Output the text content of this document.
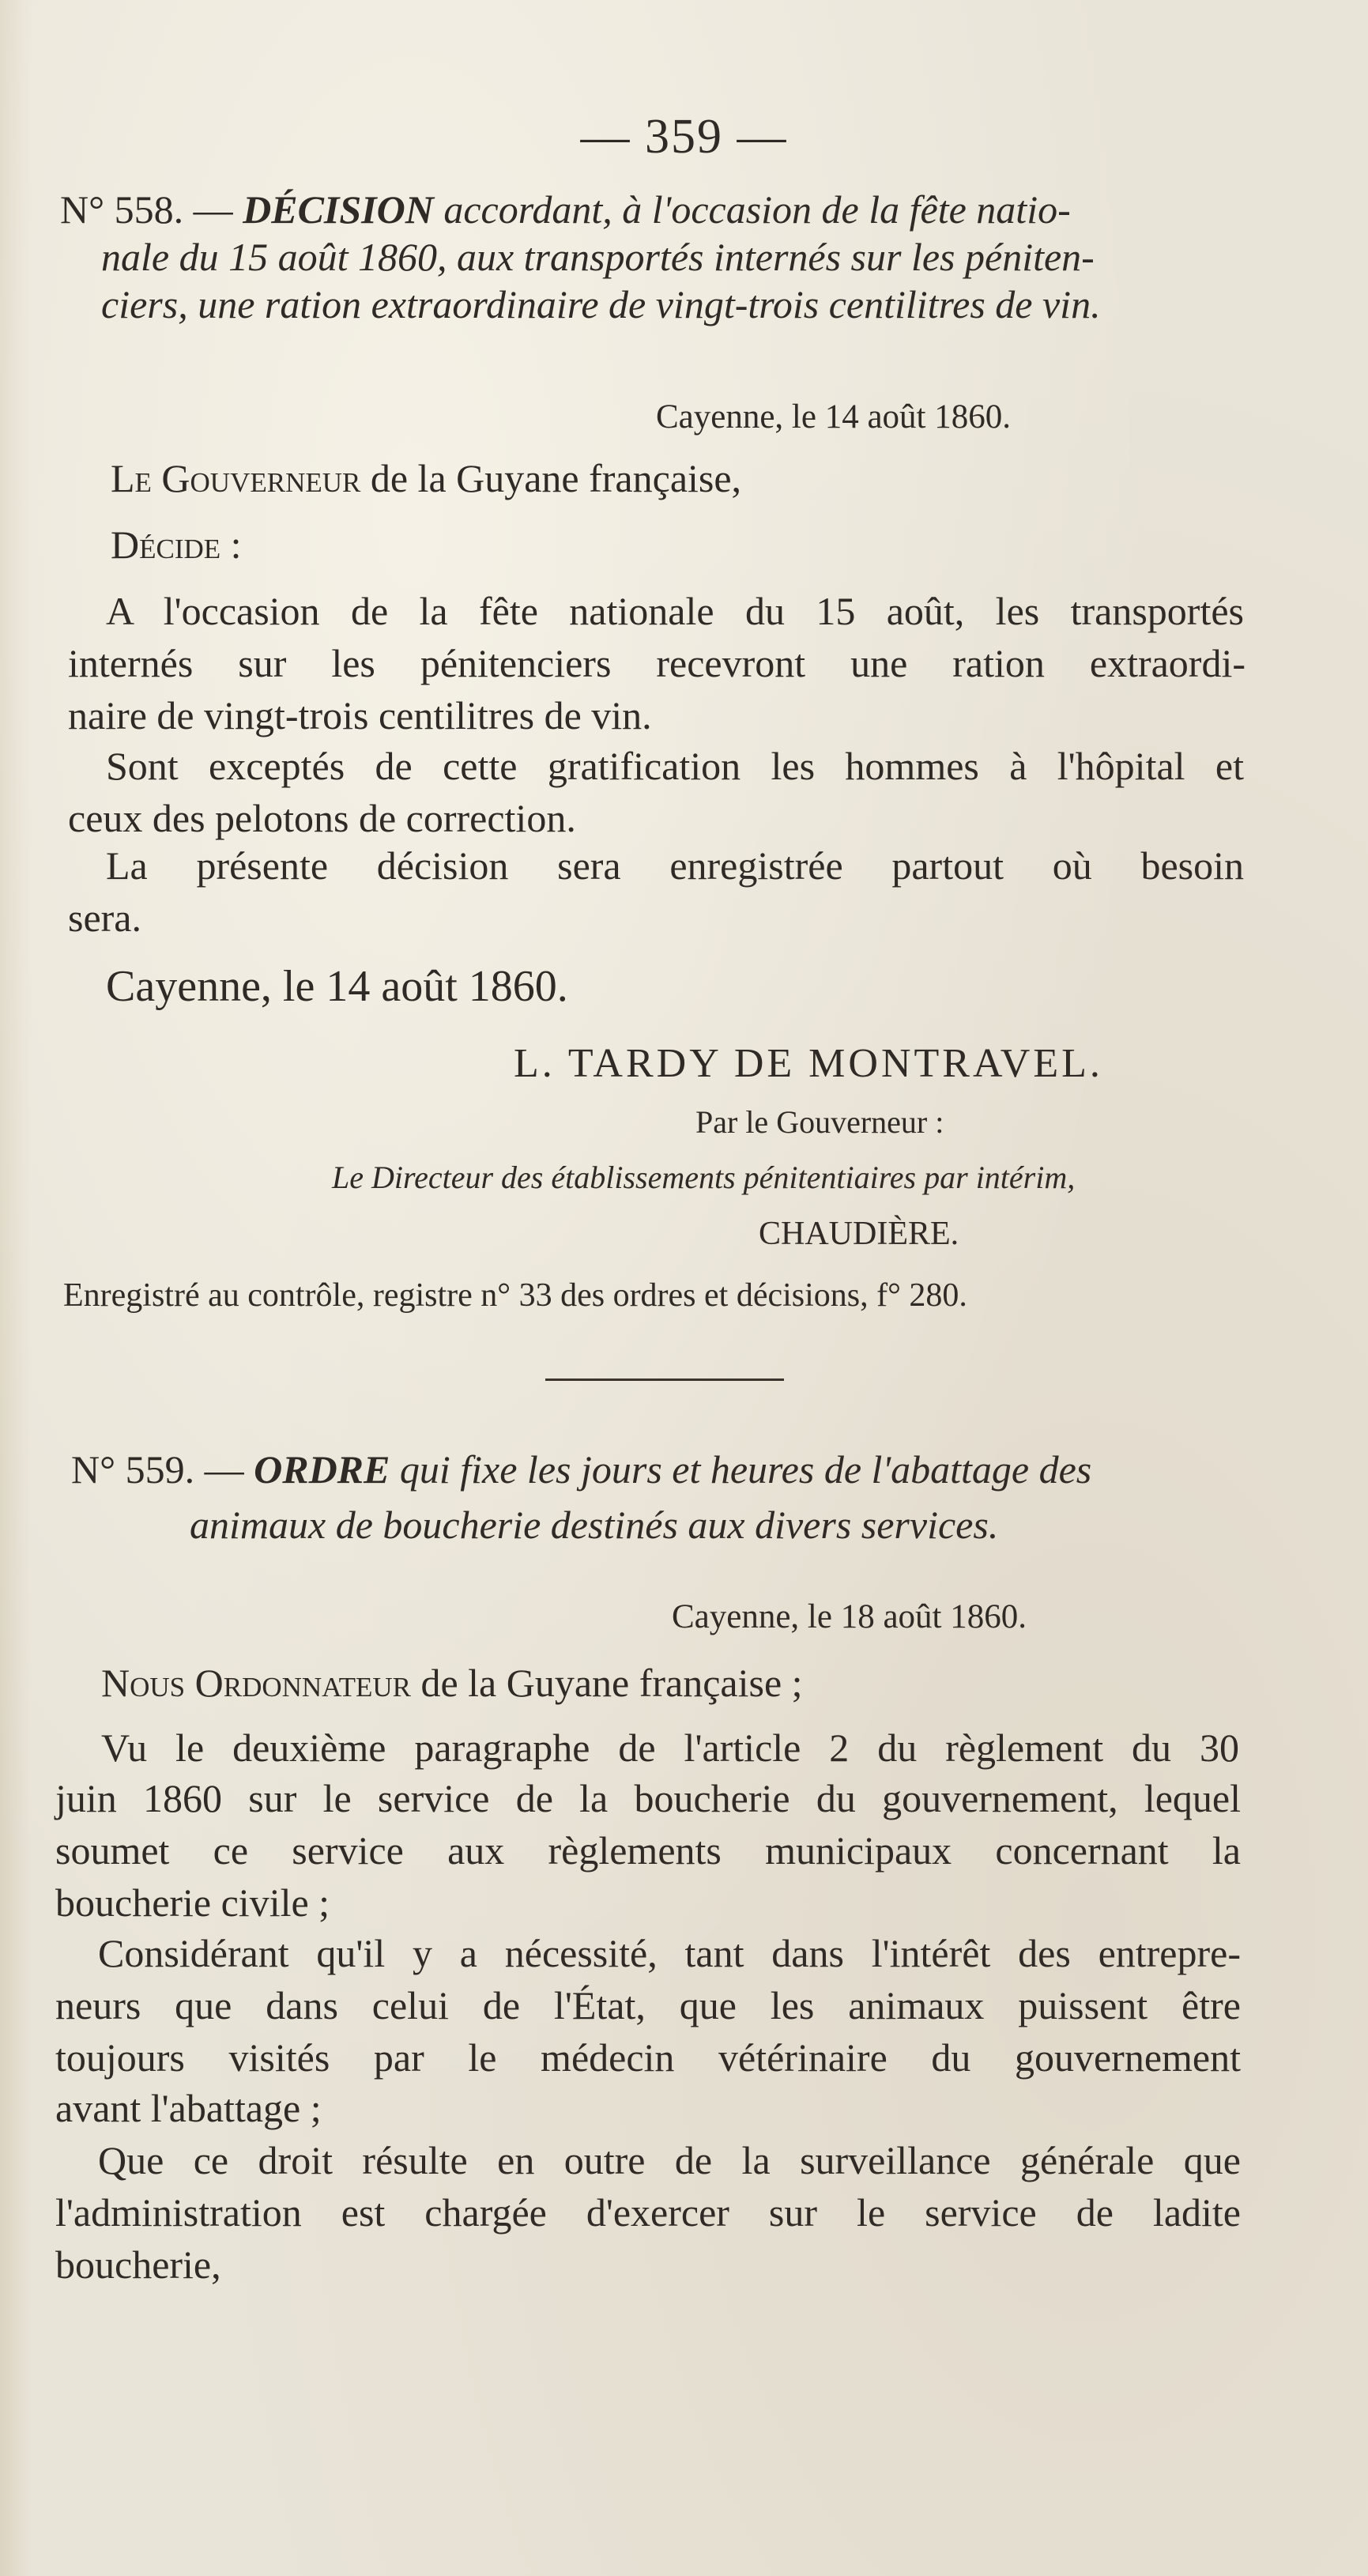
— 359 —
N° 558. — DÉCISION accordant, à l'occasion de la fête natio-
nale du 15 août 1860, aux transportés internés sur les péniten-
ciers, une ration extraordinaire de vingt-trois centilitres de vin.
Cayenne, le 14 août 1860.
Le Gouverneur de la Guyane française,
Décide :
A l'occasion de la fête nationale du 15 août, les transportés
internés sur les pénitenciers recevront une ration extraordi-
naire de vingt-trois centilitres de vin.
Sont exceptés de cette gratification les hommes à l'hôpital et
ceux des pelotons de correction.
La présente décision sera enregistrée partout où besoin
sera.
Cayenne, le 14 août 1860.
L. TARDY DE MONTRAVEL.
Par le Gouverneur :
Le Directeur des établissements pénitentiaires par intérim,
CHAUDIÈRE.
Enregistré au contrôle, registre n° 33 des ordres et décisions, f° 280.
N° 559. — ORDRE qui fixe les jours et heures de l'abattage des
animaux de boucherie destinés aux divers services.
Cayenne, le 18 août 1860.
Nous Ordonnateur de la Guyane française ;
Vu le deuxième paragraphe de l'article 2 du règlement du 30
juin 1860 sur le service de la boucherie du gouvernement, lequel
soumet ce service aux règlements municipaux concernant la
boucherie civile ;
Considérant qu'il y a nécessité, tant dans l'intérêt des entrepre-
neurs que dans celui de l'État, que les animaux puissent être
toujours visités par le médecin vétérinaire du gouvernement
avant l'abattage ;
Que ce droit résulte en outre de la surveillance générale que
l'administration est chargée d'exercer sur le service de ladite
boucherie,
